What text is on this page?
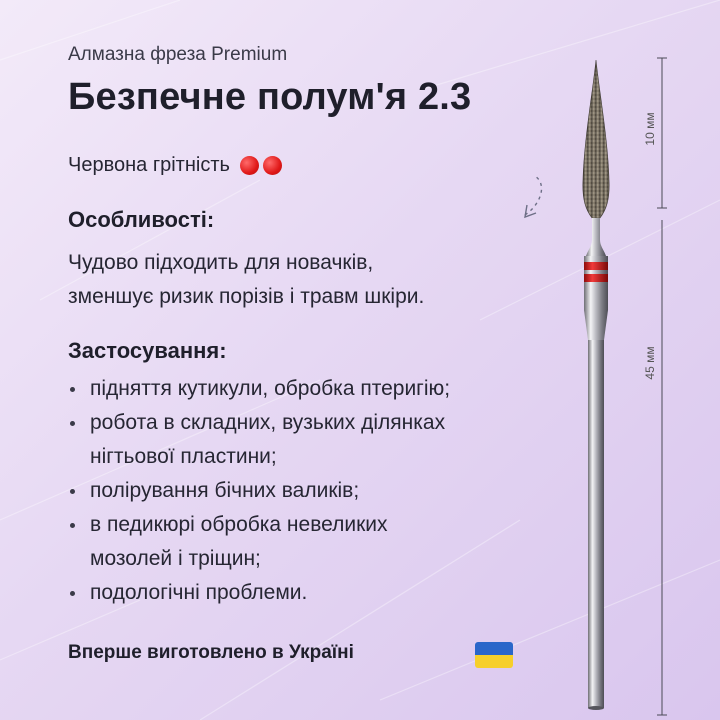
Алмазна фреза Premium

Безпечне полум'я 2.3
Червона грітність
Особливості:

Чудово підходить для новачків,
зменшує ризик порізів і травм шкіри.

Застосування:
підняття кутикули, обробка птеригію;
робота в складних, вузьких ділянках
нігтьової пластини;
полірування бічних валиків;
в педикюрі обробка невеликих
мозолей і тріщин;
подологічні проблеми.

Вперше виготовлено в Україні

10 мм
45 мм
